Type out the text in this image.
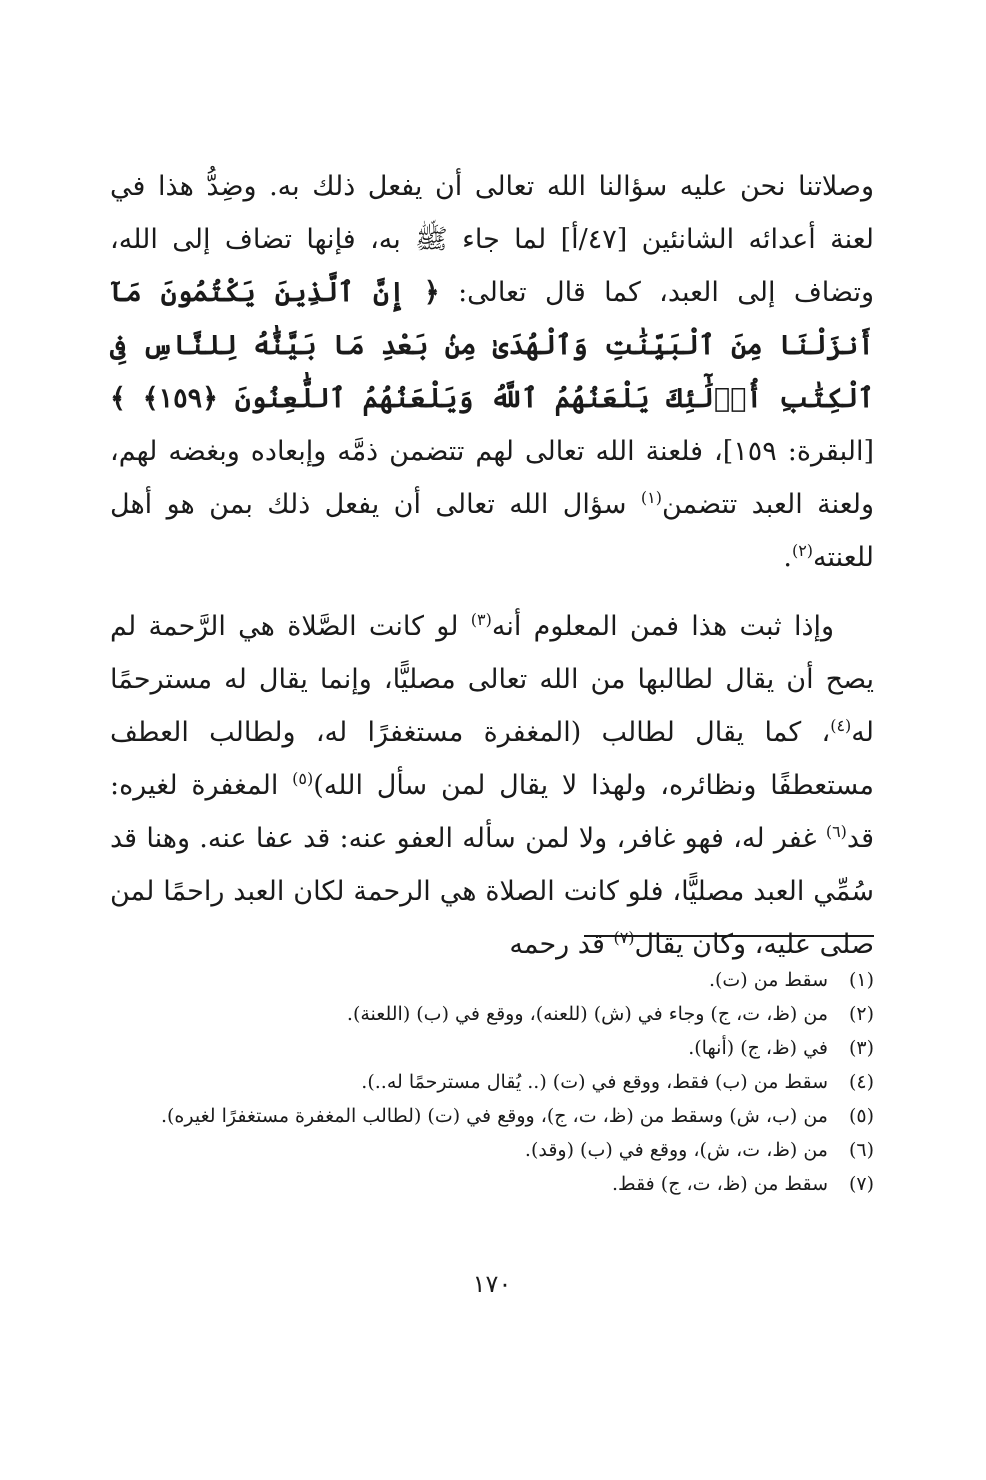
وصلاتنا نحن عليه سؤالنا الله تعالى أن يفعل ذلك به. وضِدُّ هذا في لعنة أعدائه الشانئين [٤٧/أ] لما جاء ﷺ به، فإنها تضاف إلى الله، وتضاف إلى العبد، كما قال تعالى: ﴿ إِنَّ ٱلَّذِينَ يَكْتُمُونَ مَآ أَنزَلْنَا مِنَ ٱلْبَيِّنَٰتِ وَٱلْهُدَىٰ مِنۢ بَعْدِ مَا بَيَّنَّٰهُ لِلنَّاسِ فِى ٱلْكِتَٰبِ أُو۟لَٰٓئِكَ يَلْعَنُهُمُ ٱللَّهُ وَيَلْعَنُهُمُ ٱللَّٰعِنُونَ ﴿١٥٩﴾ ﴾ [البقرة: ١٥٩]، فلعنة الله تعالى لهم تتضمن ذمَّه وإبعاده وبغضه لهم، ولعنة العبد تتضمن$^{(١)}$ سؤال الله تعالى أن يفعل ذلك بمن هو أهل للعنته$^{(٢)}$.

وإذا ثبت هذا فمن المعلوم أنه$^{(٣)}$ لو كانت الصَّلاة هي الرَّحمة لم يصح أن يقال لطالبها من الله تعالى مصليًّا، وإنما يقال له مسترحمًا له$^{(٤)}$، كما يقال لطالب (المغفرة مستغفرًا له، ولطالب العطف مستعطفًا ونظائره، ولهذا لا يقال لمن سأل الله)$^{(٥)}$ المغفرة لغيره: قد$^{(٦)}$ غفر له، فهو غافر، ولا لمن سأله العفو عنه: قد عفا عنه. وهنا قد سُمِّي العبد مصليًّا، فلو كانت الصلاة هي الرحمة لكان العبد راحمًا لمن صلى عليه، وكان يقال$^{(٧)}$ قد رحمه

(١)
سقط من (ت).
(٢)
من (ظ، ت، ج) وجاء في (ش) (للعنه)، ووقع في (ب) (اللعنة).
(٣)
في (ظ، ج) (أنها).
(٤)
سقط من (ب) فقط، ووقع في (ت) (.. يُقال مسترحمًا له..).
(٥)
من (ب، ش) وسقط من (ظ، ت، ج)، ووقع في (ت) (لطالب المغفرة مستغفرًا لغيره).
(٦)
من (ظ، ت، ش)، ووقع في (ب) (وقد).
(٧)
سقط من (ظ، ت، ج) فقط.
١٧٠
